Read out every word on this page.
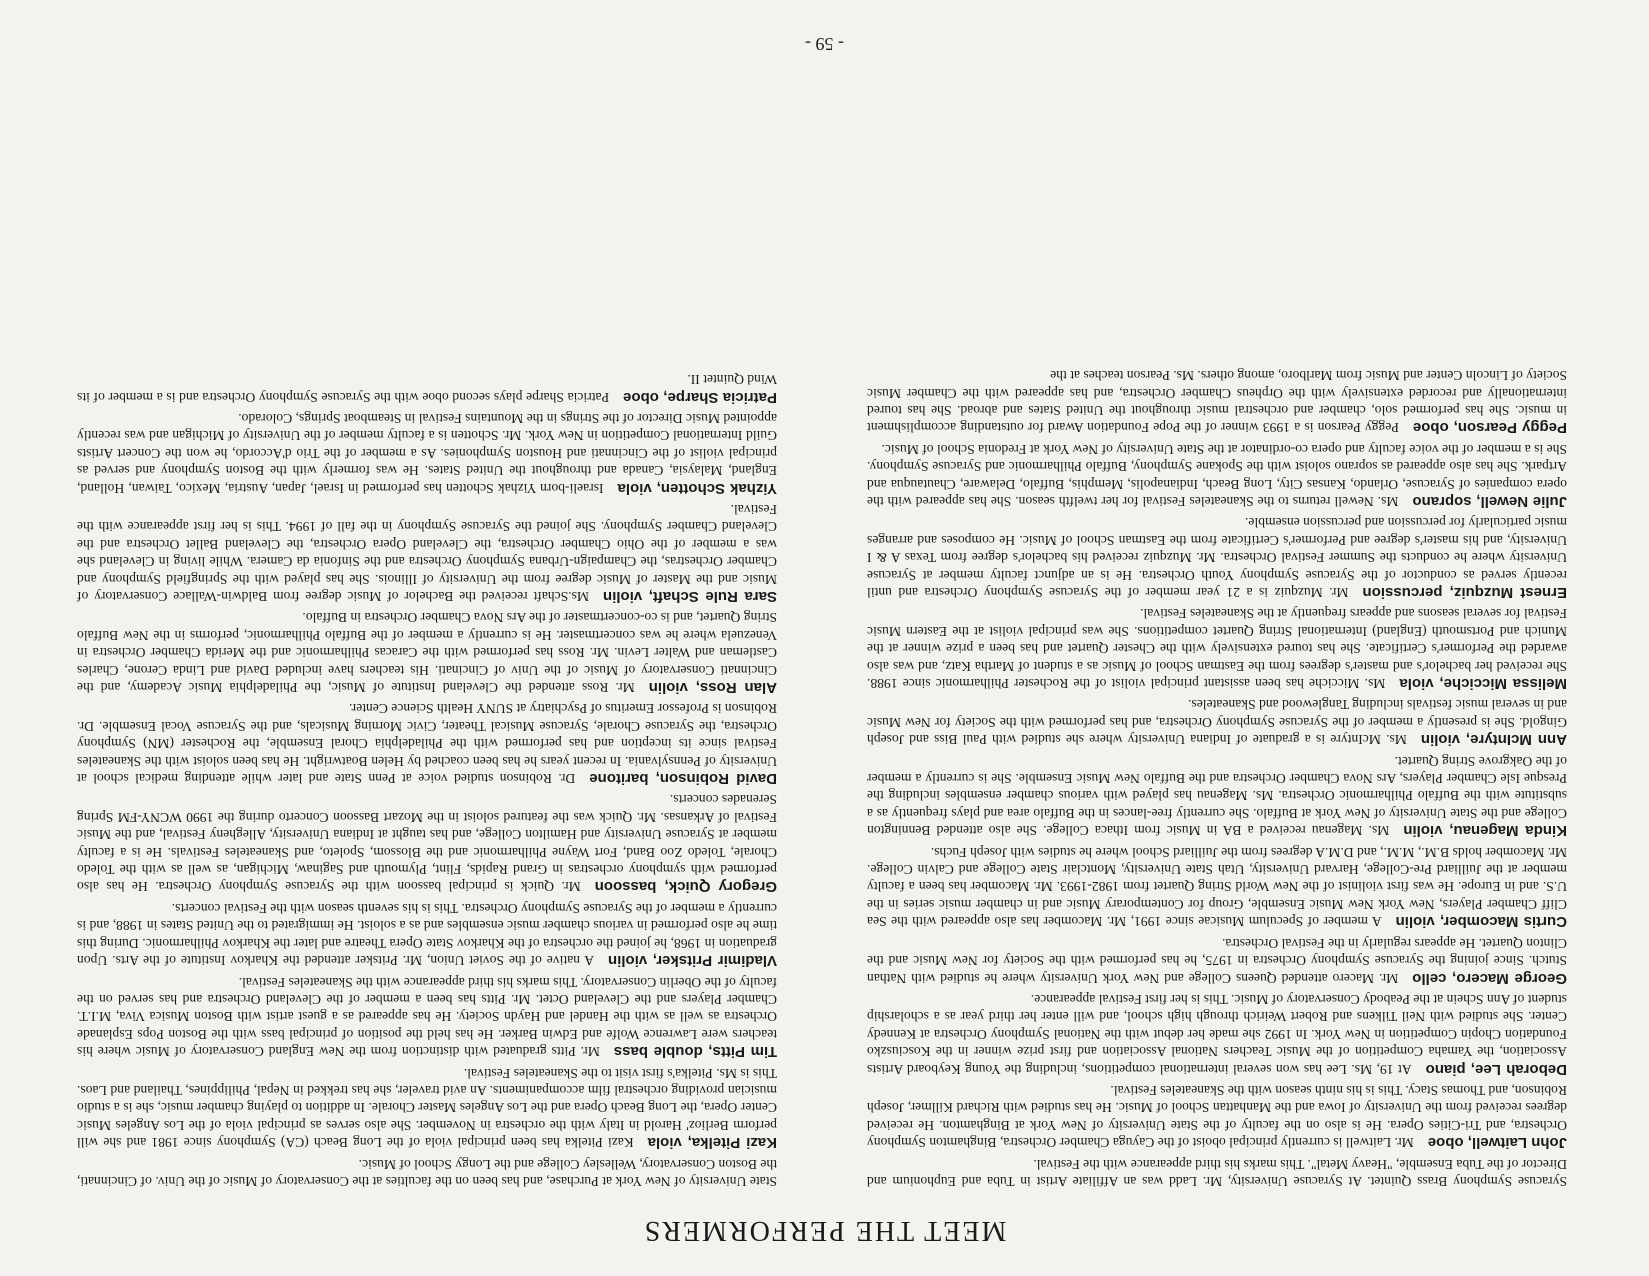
MEET THE PERFORMERS

Syracuse Symphony Brass Quintet. At Syracuse University, Mr. Ladd was an Affiliate Artist in Tuba and Euphonium and Director of the Tuba Ensemble, "Heavy Metal". This marks his third appearance with the Festival.

John Laitwell, oboeMr. Laitwell is currently principal oboist of the Cayuga Chamber Orchestra, Binghamton Symphony Orchestra, and Tri-Cities Opera. He is also on the faculty of the State University of New York at Binghamton. He received degrees received from the University of Iowa and the Manhattan School of Music. He has studied with Richard Killmer, Joseph Robinson, and Thomas Stacy. This is his ninth season with the Skaneateles Festival.

Deborah Lee, pianoAt 19, Ms. Lee has won several international competitions, including the Young Keyboard Artists Association, the Yamaha Competition of the Music Teachers National Association and first prize winner in the Kosciuszko Foundation Chopin Competition in New York. In 1992 she made her debut with the National Symphony Orchestra at Kennedy Center. She studied with Neil Tilkens and Robert Weirich through high school, and will enter her third year as a scholarship student of Ann Schein at the Peabody Conservatory of Music. This is her first Festival appearance.

George Macero, celloMr. Macero attended Queens College and New York University where he studied with Nathan Stutch. Since joining the Syracuse Symphony Orchestra in 1975, he has performed with the Society for New Music and the Clinton Quartet. He appears regularly in the Festival Orchestra.

Curtis Macomber, violinA member of Speculum Musicae since 1991, Mr. Macomber has also appeared with the Sea Cliff Chamber Players, New York New Music Ensemble, Group for Contemporary Music and in chamber music series in the U.S. and in Europe. He was first violinist of the New World String Quartet from 1982-1993. Mr. Macomber has been a faculty member at the Juilliard Pre-College, Harvard University, Utah State University, Montclair State College and Calvin College. Mr. Macomber holds B.M., M.M., and D.M.A degrees from the Juilliard School where he studies with Joseph Fuchs.

Kinda Magenau, violinMs. Magenau received a BA in Music from Ithaca College. She also attended Bennington College and the State University of New York at Buffalo. She currently free-lances in the Buffalo area and plays frequently as a substitute with the Buffalo Philharmonic Orchestra. Ms. Magenau has played with various chamber ensembles including the Presque Isle Chamber Players, Ars Nova Chamber Orchestra and the Buffalo New Music Ensemble. She is currently a member of the Oakgrove String Quartet.

Ann McIntyre, violinMs. McIntyre is a graduate of Indiana University where she studied with Paul Biss and Joseph Gingold. She is presently a member of the Syracuse Symphony Orchestra, and has performed with the Society for New Music and in several music festivals including Tanglewood and Skaneateles.

Melissa Micciche, violaMs. Micciche has been assistant principal violist of the Rochester Philharmonic since 1988. She received her bachelor's and master's degrees from the Eastman School of Music as a student of Martha Katz, and was also awarded the Performer's Certificate. She has toured extensively with the Chester Quartet and has been a prize winner at the Munich and Portsmouth (England) International String Quartet competitions. She was principal violist at the Eastern Music Festival for several seasons and appears frequently at the Skaneateles Festival.

Ernest Muzquiz, percussionMr. Muzquiz is a 21 year member of the Syracuse Symphony Orchestra and until recently served as conductor of the Syracuse Symphony Youth Orchestra. He is an adjunct faculty member at Syracuse University where he conducts the Summer Festival Orchestra. Mr. Muzquiz received his bachelor's degree from Texas A & I University, and his master's degree and Performer's Certificate from the Eastman School of Music. He composes and arranges music particularly for percussion and percussion ensemble.

Julie Newell, sopranoMs. Newell returns to the Skaneateles Festival for her twelfth season. She has appeared with the opera companies of Syracuse, Orlando, Kansas City, Long Beach, Indianapolis, Memphis, Buffalo, Delaware, Chautauqua and Artpark. She has also appeared as soprano soloist with the Spokane Symphony, Buffalo Philharmonic and Syracuse Symphony. She is a member of the voice faculty and opera co-ordinator at the State University of New York at Fredonia School of Music.

Peggy Pearson, oboePeggy Pearson is a 1993 winner of the Pope Foundation Award for outstanding accomplishment in music. She has performed solo, chamber and orchestral music throughout the United States and abroad. She has toured internationally and recorded extensively with the Orpheus Chamber Orchestra, and has appeared with the Chamber Music Society of Lincoln Center and Music from Marlboro, among others. Ms. Pearson teaches at the

State University of New York at Purchase, and has been on the faculties at the Conservatory of Music of the Univ. of Cincinnati, the Boston Conservatory, Wellesley College and the Longy School of Music.

Kazi Pitelka, violaKazi Pitelka has been principal viola of the Long Beach (CA) Symphony since 1981 and she will perform Berlioz' Harold in Italy with the orchestra in November. She also serves as principal viola of the Los Angeles Music Center Opera, the Long Beach Opera and the Los Angeles Master Chorale. In addition to playing chamber music, she is a studio musician providing orchestral film accompaniments. An avid traveler, she has trekked in Nepal, Philippines, Thailand and Laos. This is Ms. Pitelka's first visit to the Skaneateles Festival.

Tim Pitts, double bassMr. Pitts graduated with distinction from the New England Conservatory of Music where his teachers were Lawrence Wolfe and Edwin Barker. He has held the position of principal bass with the Boston Pops Esplanade Orchestra as well as with the Handel and Haydn Society. He has appeared as a guest artist with Boston Musica Viva, M.I.T. Chamber Players and the Cleveland Octet. Mr. Pitts has been a member of the Cleveland Orchestra and has served on the faculty of the Oberlin Conservatory. This marks his third appearance with the Skaneateles Festival.

Vladimir Pritsker, violinA native of the Soviet Union, Mr. Pritsker attended the Kharkov Institute of the Arts. Upon graduation in 1968, he joined the orchestra of the Kharkov State Opera Theatre and later the Kharkov Philharmonic. During this time he also performed in various chamber music ensembles and as a soloist. He immigrated to the United States in 1988, and is currently a member of the Syracuse Symphony Orchestra. This is his seventh season with the Festival concerts.

Gregory Quick, bassoonMr. Quick is principal bassoon with the Syracuse Symphony Orchestra. He has also performed with symphony orchestras in Grand Rapids, Flint, Plymouth and Saginaw, Michigan, as well as with the Toledo Chorale, Toledo Zoo Band, Fort Wayne Philharmonic and the Blossom, Spoleto, and Skaneateles Festivals. He is a faculty member at Syracuse University and Hamilton College, and has taught at Indiana University, Allegheny Festival, and the Music Festival of Arkansas. Mr. Quick was the featured soloist in the Mozart Bassoon Concerto during the 1990 WCNY-FM Spring Serenades concerts.

David Robinson, baritoneDr. Robinson studied voice at Penn State and later while attending medical school at University of Pennsylvania. In recent years he has been coached by Helen Boatwright. He has been soloist with the Skaneateles Festival since its inception and has performed with the Philadelphia Choral Ensemble, the Rochester (MN) Symphony Orchestra, the Syracuse Chorale, Syracuse Musical Theater, Civic Morning Musicals, and the Syracuse Vocal Ensemble. Dr. Robinson is Professor Emeritus of Psychiatry at SUNY Health Science Center.

Alan Ross, violinMr. Ross attended the Cleveland Institute of Music, the Philadelphia Music Academy, and the Cincinnati Conservatory of Music of the Univ of Cincinati. His teachers have included David and Linda Cerone, Charles Castleman and Walter Levin. Mr. Ross has performed with the Caracas Philharmonic and the Merida Chamber Orchestra in Venezuela where he was concertmaster. He is currently a member of the Buffalo Philharmonic, performs in the New Buffalo String Quartet, and is co-concertmaster of the Ars Nova Chamber Orchestra in Buffalo.

Sara Rule Schaft, violinMs.Schaft received the Bachelor of Music degree from Baldwin-Wallace Conservatory of Music and the Master of Music degree from the University of Illinois. She has played with the Springfield Symphony and Chamber Orchestras, the Champaign-Urbana Symphony Orchestra and the Sinfonia da Camera. While living in Cleveland she was a member of the Ohio Chamber Orchestra, the Cleveland Opera Orchestra, the Cleveland Ballet Orchestra and the Cleveland Chamber Symphony. She joined the Syracuse Symphony in the fall of 1994. This is her first appearance with the Festival.

Yizhak Schotten, violaIsraeli-born Yizhak Schotten has performed in Israel, Japan, Austria, Mexico, Taiwan, Holland, England, Malaysia, Canada and throughout the United States. He was formerly with the Boston Symphony and served as principal violist of the Cincinnati and Houston Symphonies. As a member of the Trio d'Accordo, he won the Concert Artists Guild International Competition in New York. Mr. Schotten is a faculty member of the University of Michigan and was recently appointed Music Director of the Strings in the Mountains Festival in Steamboat Springs, Colorado.

Patricia Sharpe, oboePatricia Sharpe plays second oboe with the Syracuse Symphony Orchestra and is a member of its Wind Quintet II.

- 59 -
